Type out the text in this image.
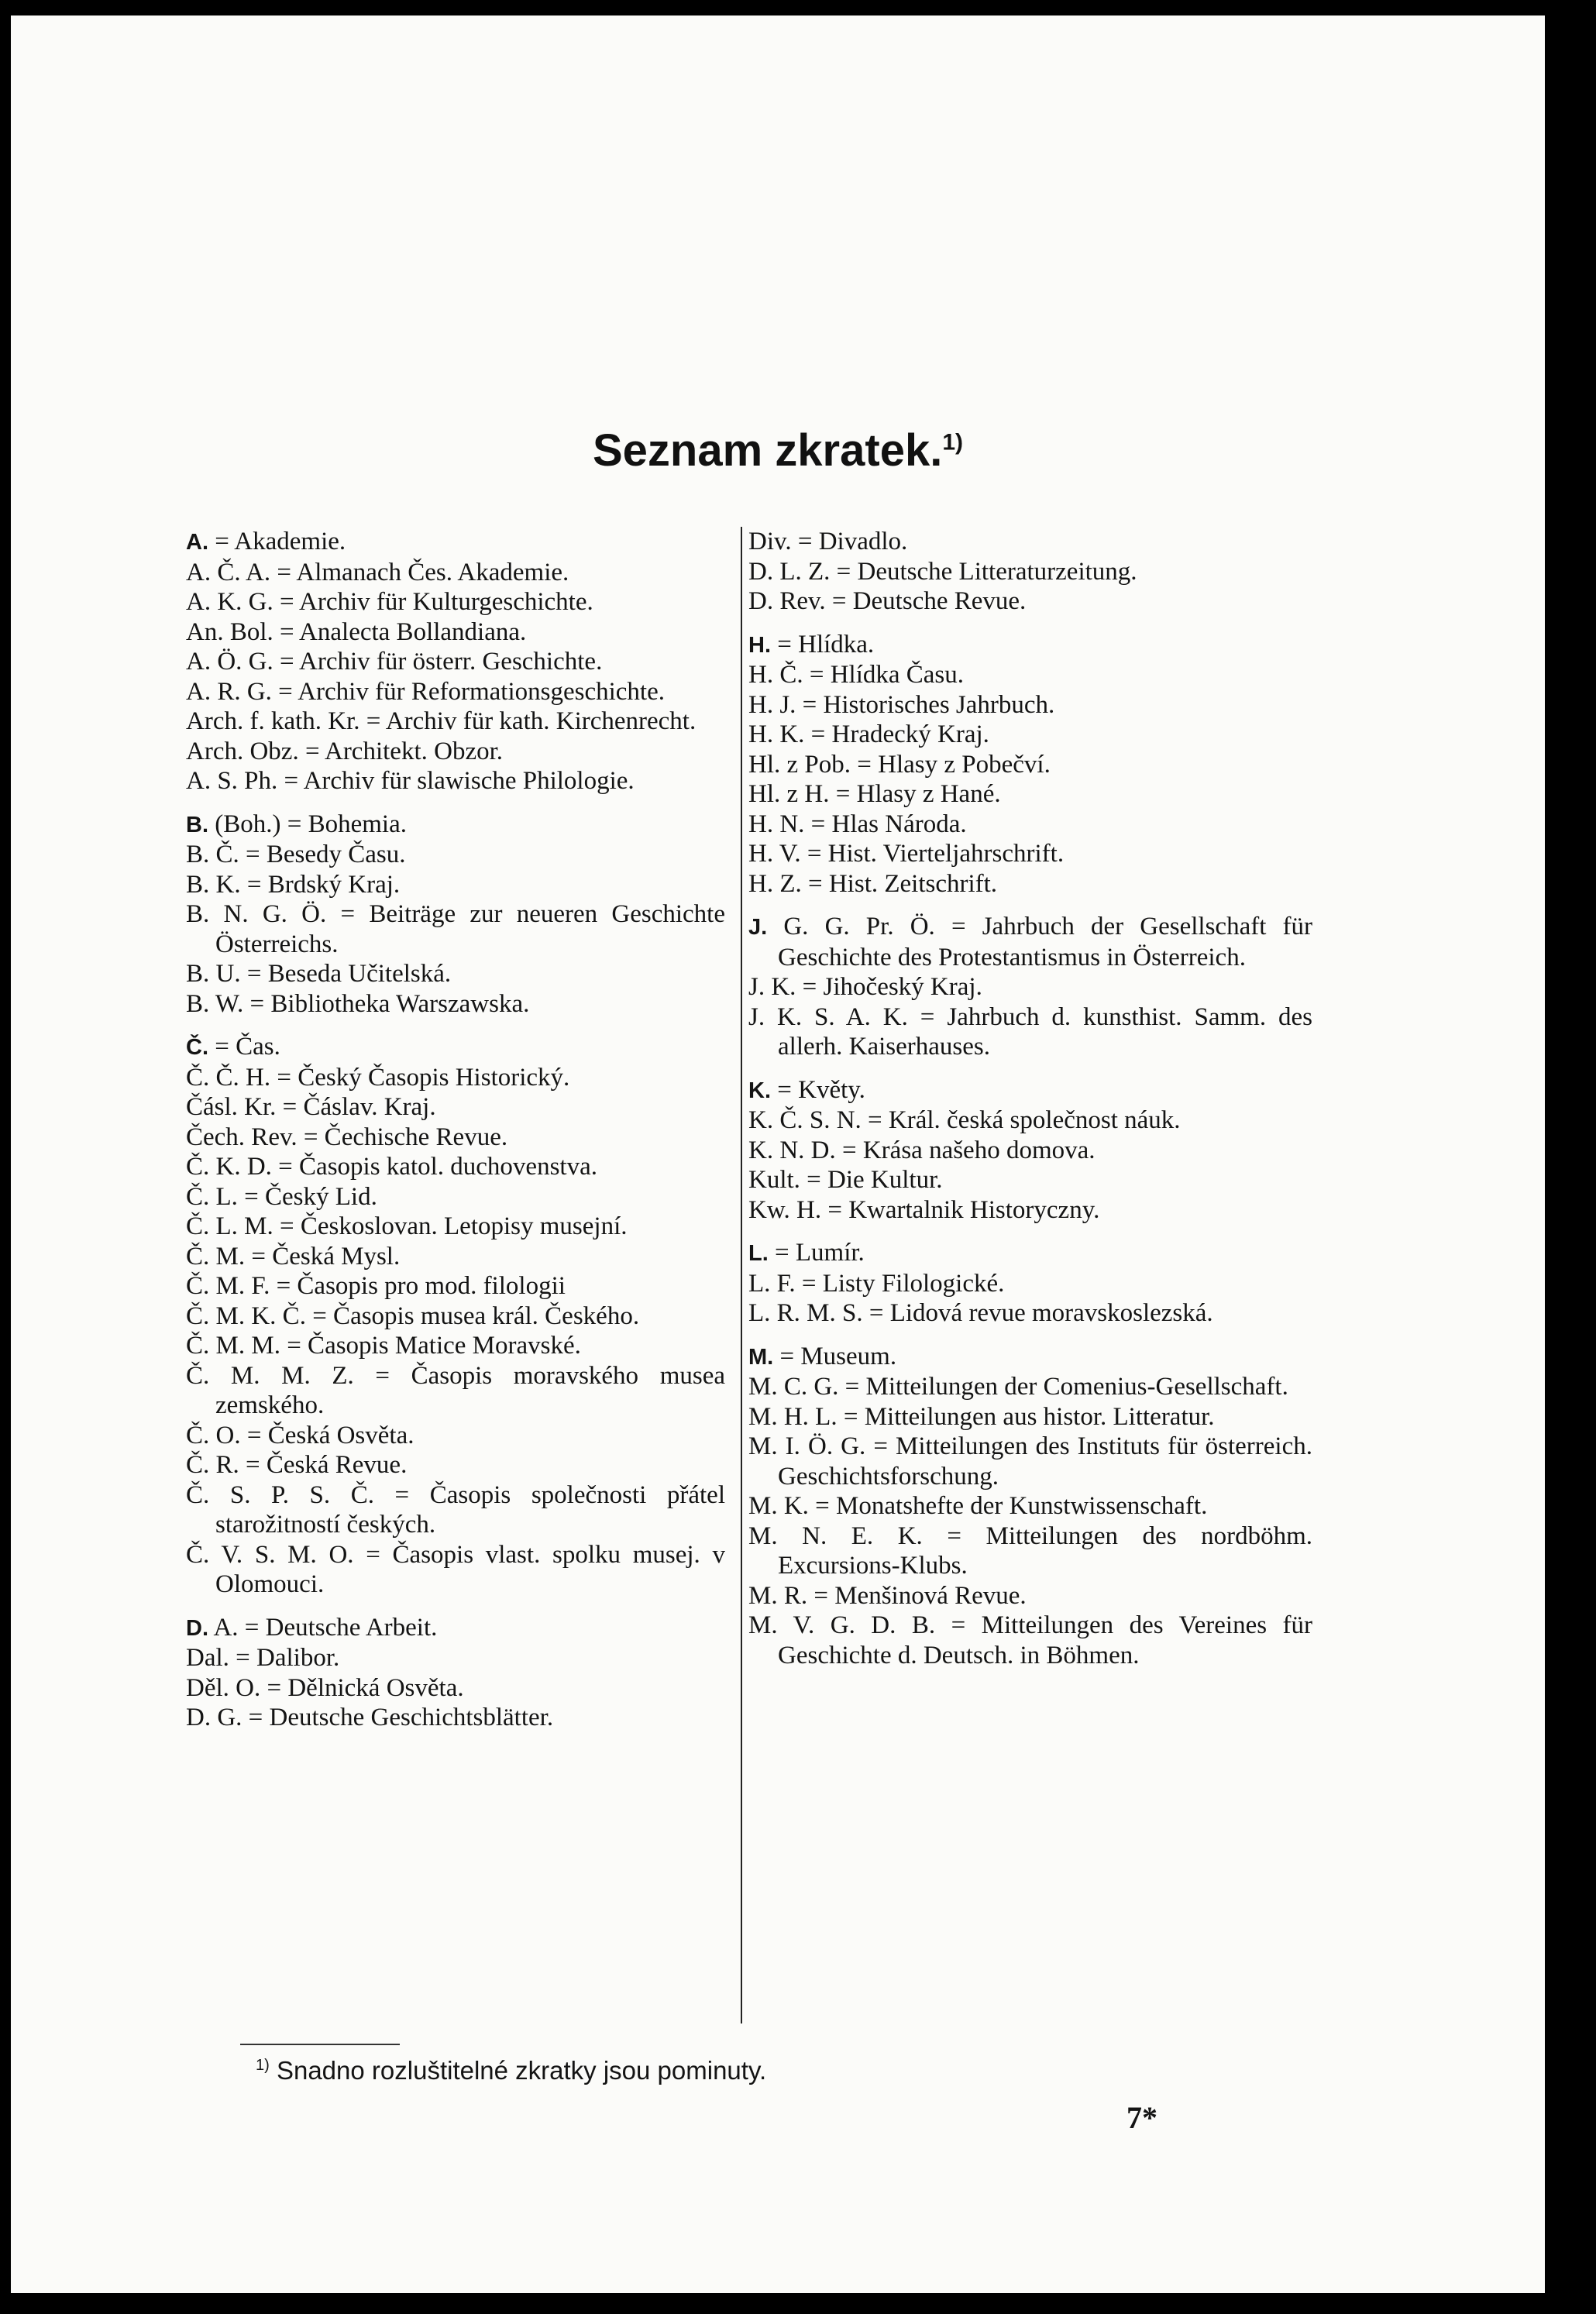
Seznam zkratek.$^{1)}$
A. = Akademie.
A. Č. A. = Almanach Čes. Akademie.
A. K. G. = Archiv für Kulturgeschichte.
An. Bol. = Analecta Bollandiana.
A. Ö. G. = Archiv für österr. Geschichte.
A. R. G. = Archiv für Reformationsgeschichte.
Arch. f. kath. Kr. = Archiv für kath. Kirchenrecht.
Arch. Obz. = Architekt. Obzor.
A. S. Ph. = Archiv für slawische Philologie.
B. (Boh.) = Bohemia.
B. Č. = Besedy Času.
B. K. = Brdský Kraj.
B. N. G. Ö. = Beiträge zur neueren Geschichte Österreichs.
B. U. = Beseda Učitelská.
B. W. = Bibliotheka Warszawska.
Č. = Čas.
Č. Č. H. = Český Časopis Historický.
Čásl. Kr. = Čáslav. Kraj.
Čech. Rev. = Čechische Revue.
Č. K. D. = Časopis katol. duchovenstva.
Č. L. = Český Lid.
Č. L. M. = Českoslovan. Letopisy musejní.
Č. M. = Česká Mysl.
Č. M. F. = Časopis pro mod. filologii
Č. M. K. Č. = Časopis musea král. Českého.
Č. M. M. = Časopis Matice Moravské.
Č. M. M. Z. = Časopis moravského musea zemského.
Č. O. = Česká Osvěta.
Č. R. = Česká Revue.
Č. S. P. S. Č. = Časopis společnosti přátel starožitností českých.
Č. V. S. M. O. = Časopis vlast. spolku musej. v Olomouci.
D. A. = Deutsche Arbeit.
Dal. = Dalibor.
Děl. O. = Dělnická Osvěta.
D. G. = Deutsche Geschichtsblätter.
Div. = Divadlo.
D. L. Z. = Deutsche Litteraturzeitung.
D. Rev. = Deutsche Revue.
H. = Hlídka.
H. Č. = Hlídka Času.
H. J. = Historisches Jahrbuch.
H. K. = Hradecký Kraj.
Hl. z Pob. = Hlasy z Pobečví.
Hl. z H. = Hlasy z Hané.
H. N. = Hlas Národa.
H. V. = Hist. Vierteljahrschrift.
H. Z. = Hist. Zeitschrift.
J. G. G. Pr. Ö. = Jahrbuch der Gesellschaft für Geschichte des Protestantismus in Österreich.
J. K. = Jihočeský Kraj.
J. K. S. A. K. = Jahrbuch d. kunsthist. Samm. des allerh. Kaiserhauses.
K. = Květy.
K. Č. S. N. = Král. česká společnost náuk.
K. N. D. = Krása našeho domova.
Kult. = Die Kultur.
Kw. H. = Kwartalnik Historyczny.
L. = Lumír.
L. F. = Listy Filologické.
L. R. M. S. = Lidová revue moravskoslezská.
M. = Museum.
M. C. G. = Mitteilungen der Comenius-Gesellschaft.
M. H. L. = Mitteilungen aus histor. Litteratur.
M. I. Ö. G. = Mitteilungen des Instituts für österreich. Geschichtsforschung.
M. K. = Monatshefte der Kunstwissenschaft.
M. N. E. K. = Mitteilungen des nordböhm. Excursions-Klubs.
M. R. = Menšinová Revue.
M. V. G. D. B. = Mitteilungen des Vereines für Geschichte d. Deutsch. in Böhmen.
$^{1)}$ Snadno rozluštitelné zkratky jsou pominuty.
7*
